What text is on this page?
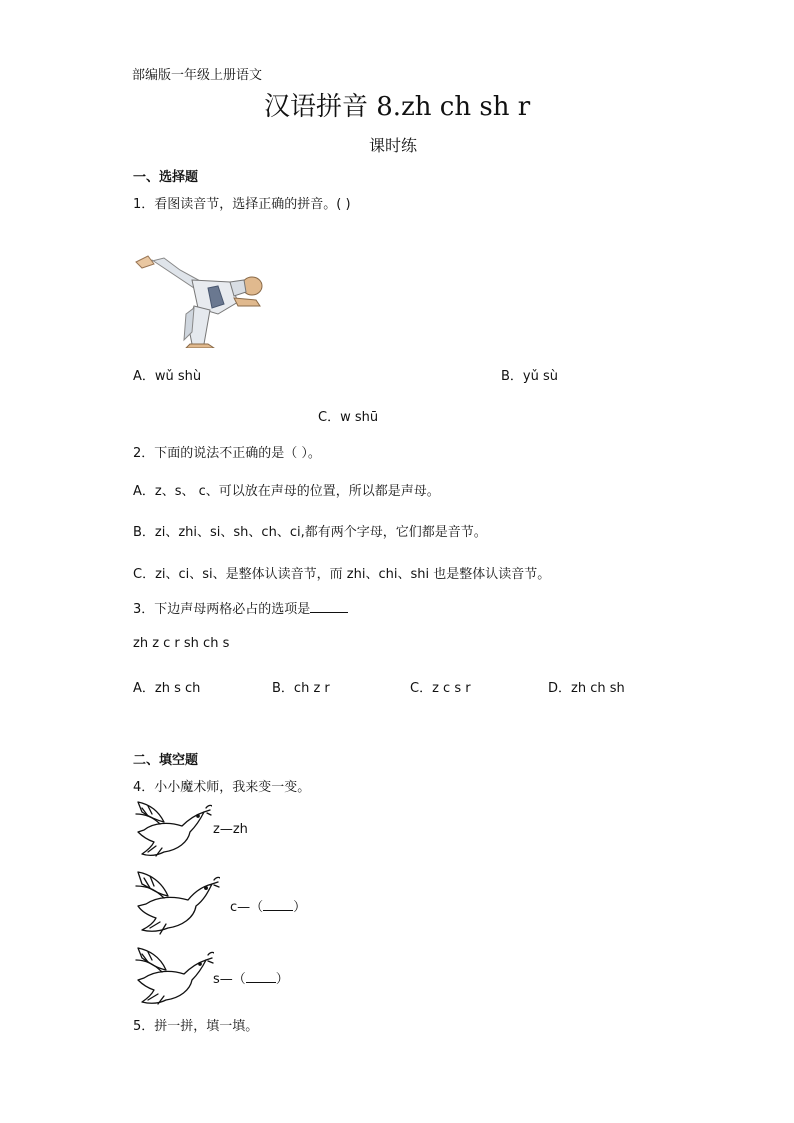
部编版一年级上册语文
汉语拼音 8.zh ch sh r
课时练
一、选择题
1．看图读音节，选择正确的拼音。( )
A．wǔ shù	B．yǔ sù
C．w shū
2．下面的说法不正确的是（ ）。
A．z、s、 c、可以放在声母的位置，所以都是声母。
B．zi、zhi、si、sh、ch、ci,都有两个字母，它们都是音节。
C．zi、ci、si、是整体认读音节，而 zhi、chi、shi 也是整体认读音节。
3．下边声母两格必占的选项是
zh z c r sh ch s
A．zh s ch	B．ch z r	C．z c s r	D．zh ch sh
二、填空题
4．小小魔术师，我来变一变。
z—zh
c—（ ）
s—（ ）
5．拼一拼，填一填。
